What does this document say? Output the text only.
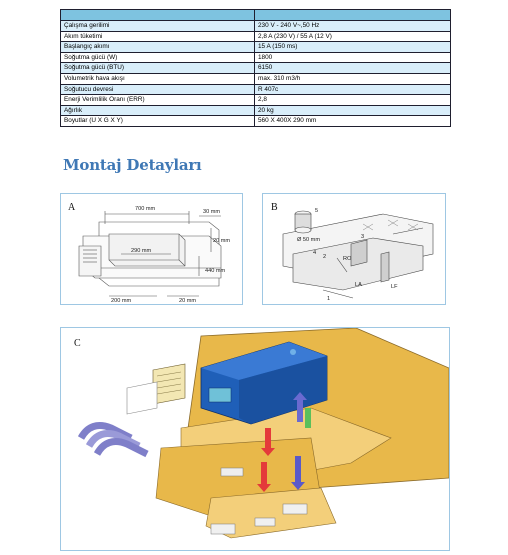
Çalışma gerilimi	230 V - 240 V~,50 Hz
Akım tüketimi	2,8 A (230 V) / 55 A (12 V)
Başlangıç akımı	15 A (150 ms)
Soğutma gücü (W)	1800
Soğutma gücü (BTU)	6150
Volumetrik hava akışı	max. 310 m3/h
Soğutucu devresi	R 407c
Enerji Verimlilik Oranı (ERR)	2,8
Ağırlık	20 kg
Boyutlar (U X G X Y)	560 X 400X 290 mm
Montaj Detayları
A	700 mm	30 mm
20 mm
290 mm
440 mm
200 mm	20 mm
B
Ø 50 mm
RO
LA	LF
1
2
3
4
5
C
